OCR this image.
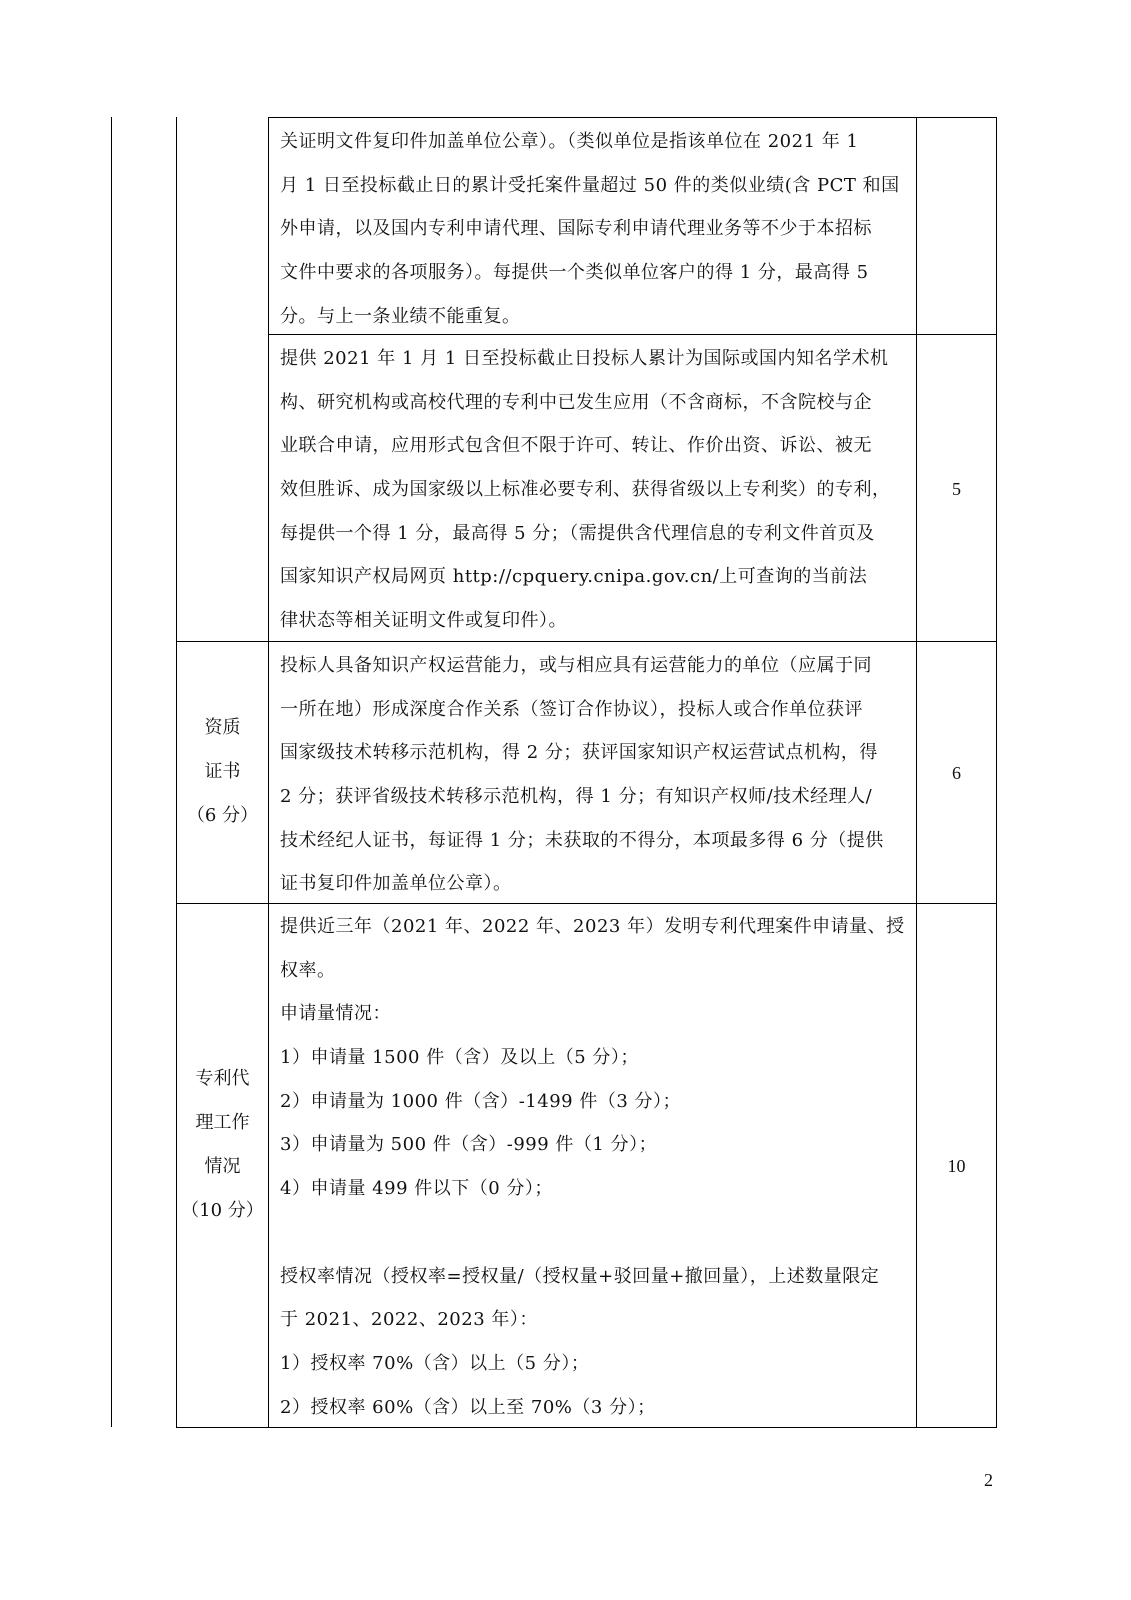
关证明文件复印件加盖单位公章）。（类似单位是指该单位在 2021 年 1
月 1 日至投标截止日的累计受托案件量超过 50 件的类似业绩(含 PCT 和国
外申请，以及国内专利申请代理、国际专利申请代理业务等不少于本招标
文件中要求的各项服务）。每提供一个类似单位客户的得 1 分，最高得 5
分。与上一条业绩不能重复。
提供 2021 年 1 月 1 日至投标截止日投标人累计为国际或国内知名学术机
构、研究机构或高校代理的专利中已发生应用（不含商标，不含院校与企
业联合申请，应用形式包含但不限于许可、转让、作价出资、诉讼、被无
效但胜诉、成为国家级以上标准必要专利、获得省级以上专利奖）的专利，
每提供一个得 1 分，最高得 5 分；（需提供含代理信息的专利文件首页及
国家知识产权局网页 http://cpquery.cnipa.gov.cn/上可查询的当前法
律状态等相关证明文件或复印件）。
5
资质
证书
（6 分）
投标人具备知识产权运营能力，或与相应具有运营能力的单位（应属于同
一所在地）形成深度合作关系（签订合作协议），投标人或合作单位获评
国家级技术转移示范机构，得 2 分；获评国家知识产权运营试点机构，得
2 分；获评省级技术转移示范机构，得 1 分；有知识产权师/技术经理人/
技术经纪人证书，每证得 1 分；未获取的不得分，本项最多得 6 分（提供
证书复印件加盖单位公章）。
6
专利代
理工作
情况
（10 分）
提供近三年（2021 年、2022 年、2023 年）发明专利代理案件申请量、授
权率。
申请量情况：
1）申请量 1500 件（含）及以上（5 分）；
2）申请量为 1000 件（含）-1499 件（3 分）；
3）申请量为 500 件（含）-999 件（1 分）；
4）申请量 499 件以下（0 分）；
授权率情况（授权率=授权量/（授权量+驳回量+撤回量），上述数量限定
于 2021、2022、2023 年）：
1）授权率 70%（含）以上（5 分）；
2）授权率 60%（含）以上至 70%（3 分）；
10
2
